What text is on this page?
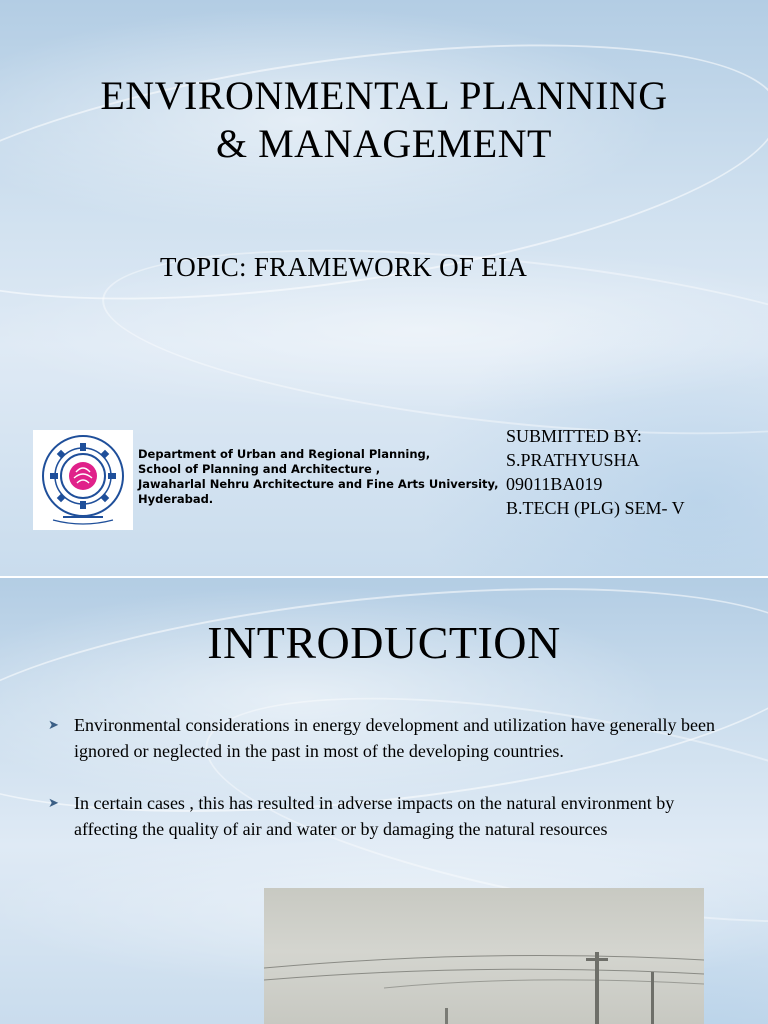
ENVIRONMENTAL PLANNING
& MANAGEMENT
TOPIC: FRAMEWORK OF EIA
Department of Urban and Regional Planning,
School of Planning and Architecture ,
Jawaharlal Nehru Architecture and Fine Arts University,
Hyderabad.
SUBMITTED BY:
S.PRATHYUSHA
09011BA019
B.TECH (PLG) SEM- V
INTRODUCTION
➤ Environmental considerations in energy development and utilization have generally been ignored or neglected in the past in most of the developing countries.
➤ In certain cases , this has resulted in adverse impacts on the natural environment by affecting the quality of air and water or by damaging the natural resources
